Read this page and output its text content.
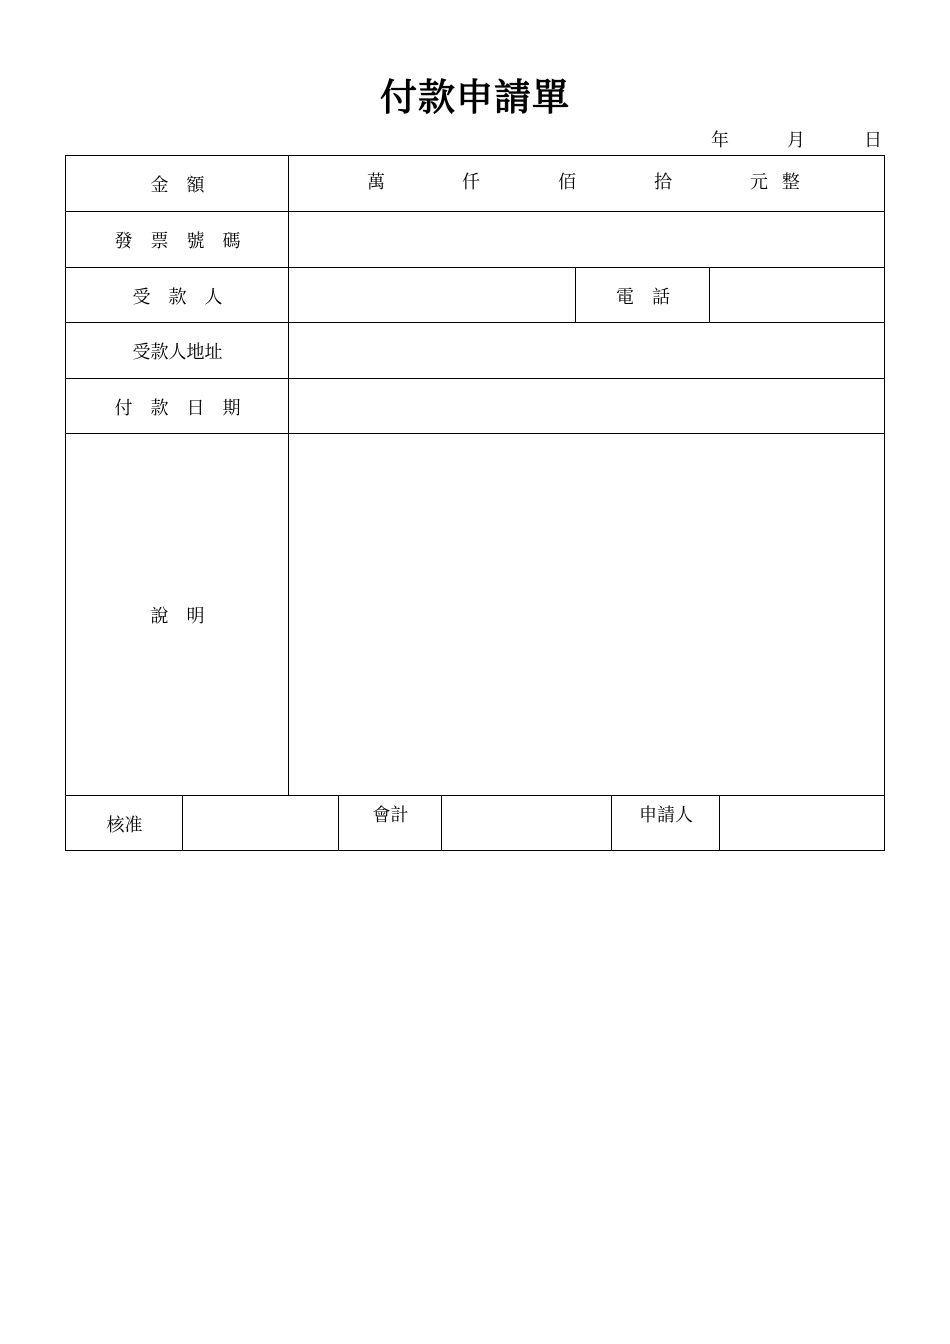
付款申請單
年	月	日
金　額	萬	仟	佰	拾	元 整
發　票　號　碼
受　款　人	電　話
受款人地址
付　款　日　期
說　明
核准	會計	申請人
